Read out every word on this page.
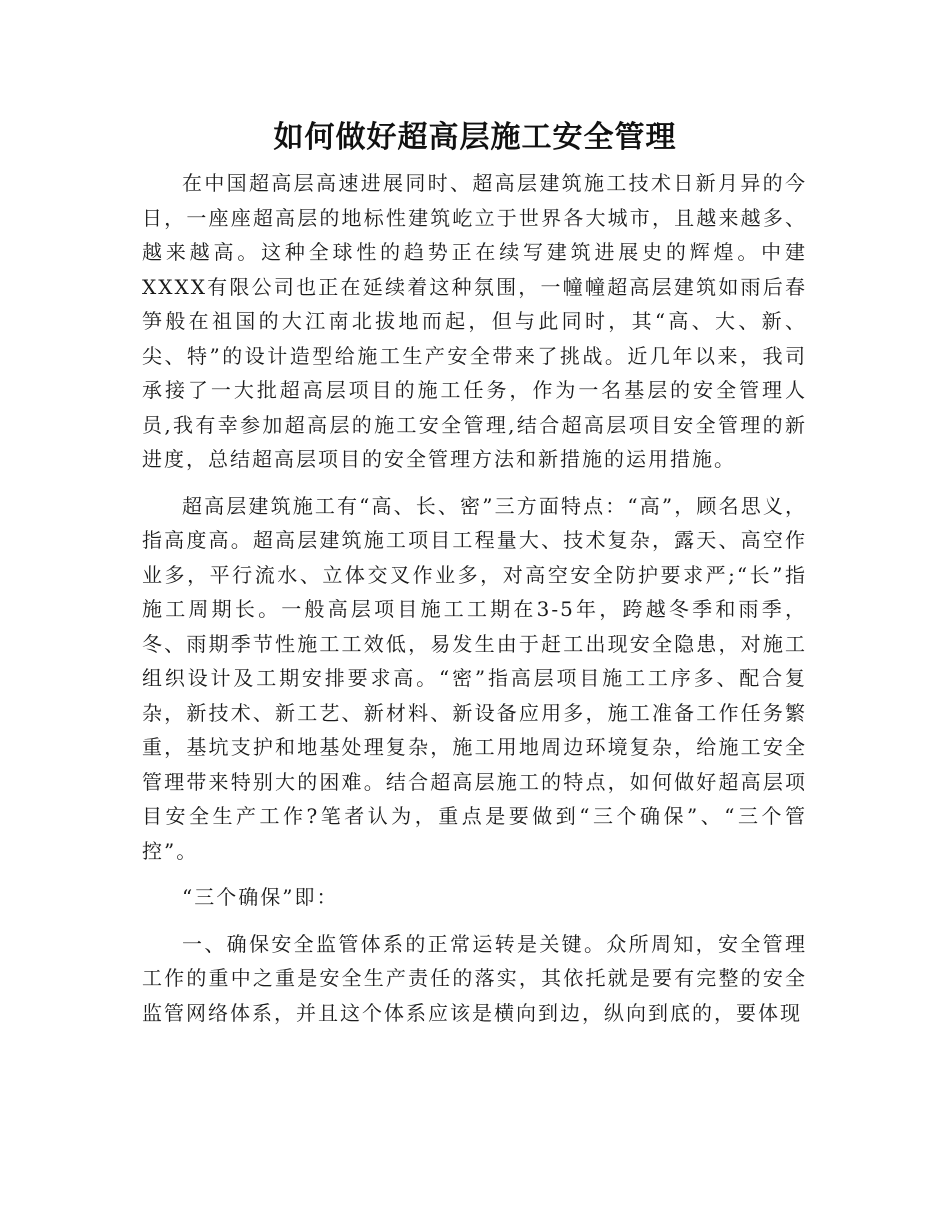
如何做好超高层施工安全管理

在中国超高层高速进展同时、超高层建筑施工技术日新月异的今日，一座座超高层的地标性建筑屹立于世界各大城市，且越来越多、越来越高。这种全球性的趋势正在续写建筑进展史的辉煌。中建XXXX有限公司也正在延续着这种氛围，一幢幢超高层建筑如雨后春笋般在祖国的大江南北拔地而起，但与此同时，其“高、大、新、尖、特”的设计造型给施工生产安全带来了挑战。近几年以来，我司承接了一大批超高层项目的施工任务，作为一名基层的安全管理人员,我有幸参加超高层的施工安全管理,结合超高层项目安全管理的新进度，总结超高层项目的安全管理方法和新措施的运用措施。

超高层建筑施工有“高、长、密”三方面特点：“高”，顾名思义，指高度高。超高层建筑施工项目工程量大、技术复杂，露天、高空作业多，平行流水、立体交叉作业多，对高空安全防护要求严;“长”指施工周期长。一般高层项目施工工期在3-5年，跨越冬季和雨季，冬、雨期季节性施工工效低，易发生由于赶工出现安全隐患，对施工组织设计及工期安排要求高。“密”指高层项目施工工序多、配合复杂，新技术、新工艺、新材料、新设备应用多，施工准备工作任务繁重，基坑支护和地基处理复杂，施工用地周边环境复杂，给施工安全管理带来特别大的困难。结合超高层施工的特点，如何做好超高层项目安全生产工作?笔者认为，重点是要做到“三个确保”、“三个管控”。

“三个确保”即：

一、确保安全监管体系的正常运转是关键。众所周知，安全管理工作的重中之重是安全生产责任的落实，其依托就是要有完整的安全监管网络体系，并且这个体系应该是横向到边，纵向到底的，要体现
